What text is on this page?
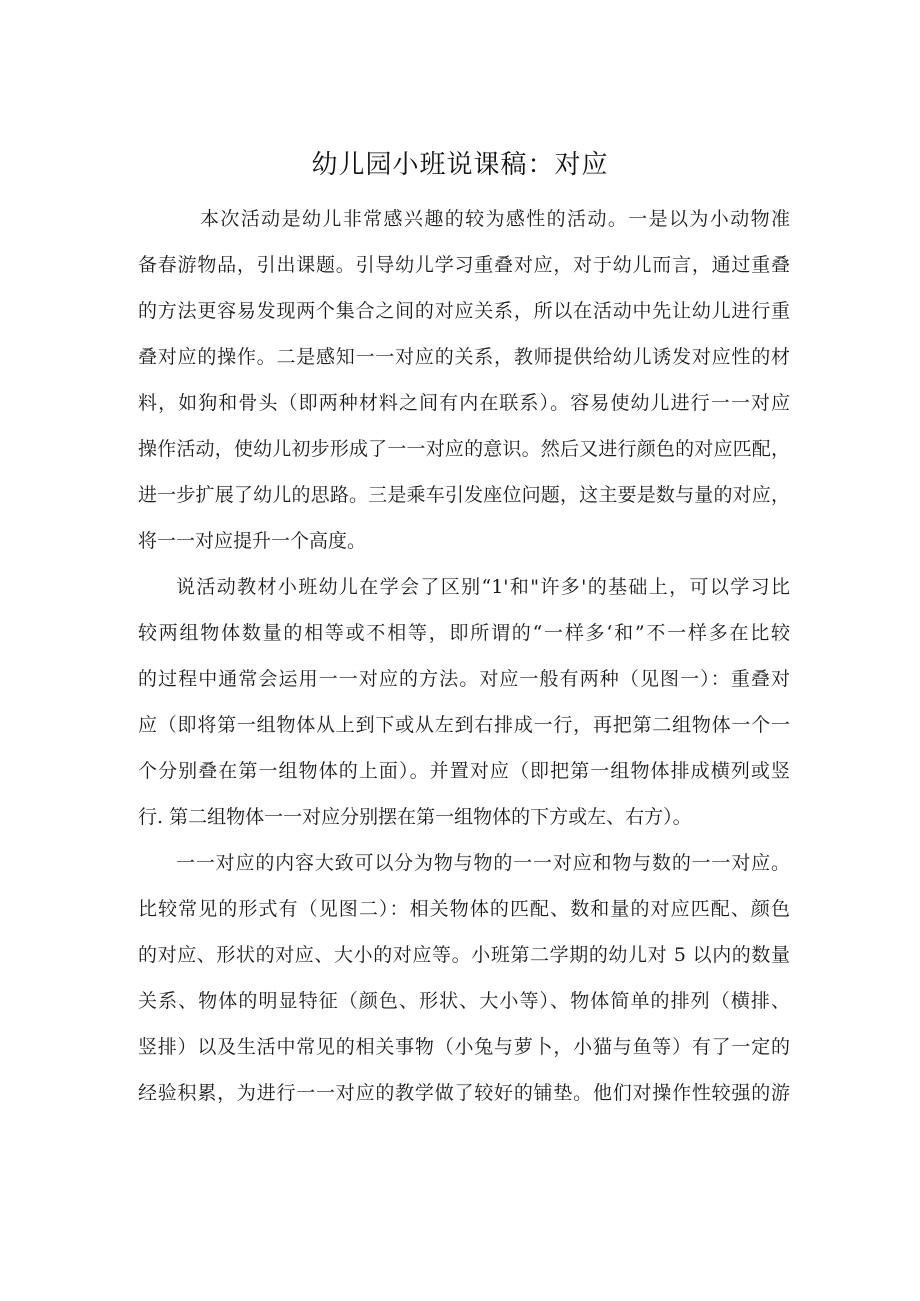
幼儿园小班说课稿：对应
本次活动是幼儿非常感兴趣的较为感性的活动。一是以为小动物准
备春游物品，引出课题。引导幼儿学习重叠对应，对于幼儿而言，通过重叠
的方法更容易发现两个集合之间的对应关系，所以在活动中先让幼儿进行重
叠对应的操作。二是感知一一对应的关系，教师提供给幼儿诱发对应性的材
料，如狗和骨头（即两种材料之间有内在联系）。容易使幼儿进行一一对应
操作活动，使幼儿初步形成了一一对应的意识。然后又进行颜色的对应匹配，
进一步扩展了幼儿的思路。三是乘车引发座位问题，这主要是数与量的对应，
将一一对应提升一个高度。
说活动教材小班幼儿在学会了区别“1'和"许多'的基础上，可以学习比
较两组物体数量的相等或不相等，即所谓的“一样多‘和”不一样多在比较
的过程中通常会运用一一对应的方法。对应一般有两种（见图一）：重叠对
应（即将第一组物体从上到下或从左到右排成一行，再把第二组物体一个一
个分别叠在第一组物体的上面）。并置对应（即把第一组物体排成横列或竖
行. 第二组物体一一对应分别摆在第一组物体的下方或左、右方）。
一一对应的内容大致可以分为物与物的一一对应和物与数的一一对应。
比较常见的形式有（见图二）：相关物体的匹配、数和量的对应匹配、颜色
的对应、形状的对应、大小的对应等。小班第二学期的幼儿对 5 以内的数量
关系、物体的明显特征（颜色、形状、大小等）、物体简单的排列（横排、
竖排）以及生活中常见的相关事物（小兔与萝卜，小猫与鱼等）有了一定的
经验积累，为进行一一对应的教学做了较好的铺垫。他们对操作性较强的游
